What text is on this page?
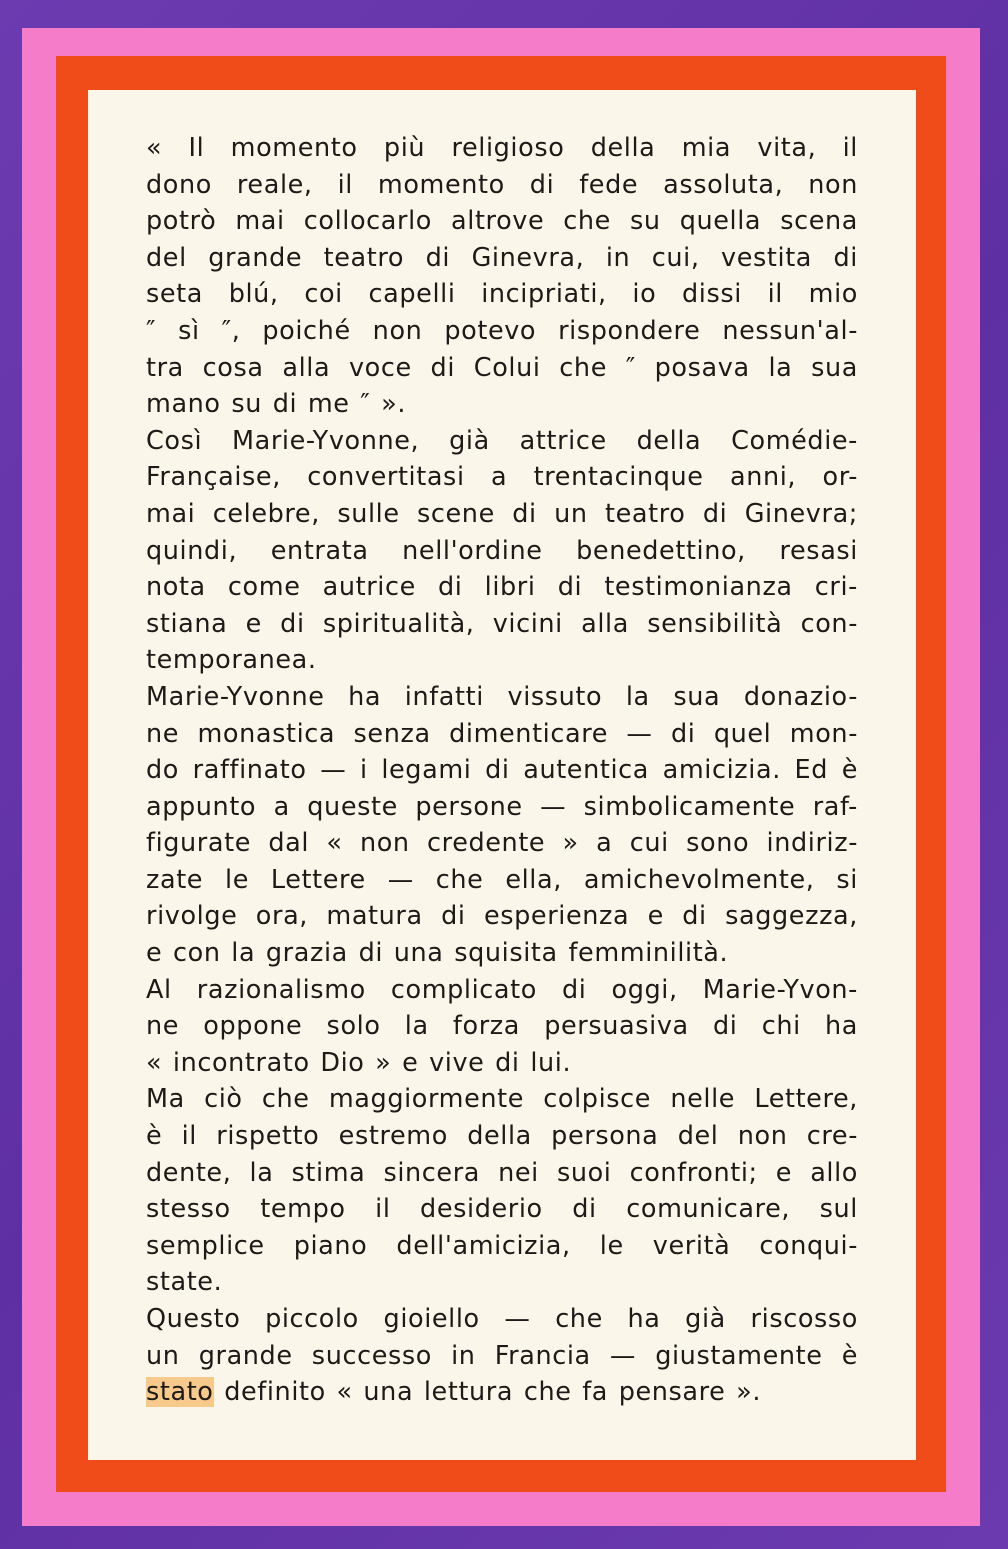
« Il momento più religioso della mia vita, il
dono reale, il momento di fede assoluta, non
potrò mai collocarlo altrove che su quella scena
del grande teatro di Ginevra, in cui, vestita di
seta blú, coi capelli incipriati, io dissi il mio
″ sì ″, poiché non potevo rispondere nessun'al-
tra cosa alla voce di Colui che ″ posava la sua
mano su di me ″ ».
Così Marie-Yvonne, già attrice della Comédie-
Française, convertitasi a trentacinque anni, or-
mai celebre, sulle scene di un teatro di Ginevra;
quindi, entrata nell'ordine benedettino, resasi
nota come autrice di libri di testimonianza cri-
stiana e di spiritualità, vicini alla sensibilità con-
temporanea.
Marie-Yvonne ha infatti vissuto la sua donazio-
ne monastica senza dimenticare — di quel mon-
do raffinato — i legami di autentica amicizia. Ed è
appunto a queste persone — simbolicamente raf-
figurate dal « non credente » a cui sono indiriz-
zate le Lettere — che ella, amichevolmente, si
rivolge ora, matura di esperienza e di saggezza,
e con la grazia di una squisita femminilità.
Al razionalismo complicato di oggi, Marie-Yvon-
ne oppone solo la forza persuasiva di chi ha
« incontrato Dio » e vive di lui.
Ma ciò che maggiormente colpisce nelle Lettere,
è il rispetto estremo della persona del non cre-
dente, la stima sincera nei suoi confronti; e allo
stesso tempo il desiderio di comunicare, sul
semplice piano dell'amicizia, le verità conqui-
state.
Questo piccolo gioiello — che ha già riscosso
un grande successo in Francia — giustamente è
stato definito « una lettura che fa pensare ».
